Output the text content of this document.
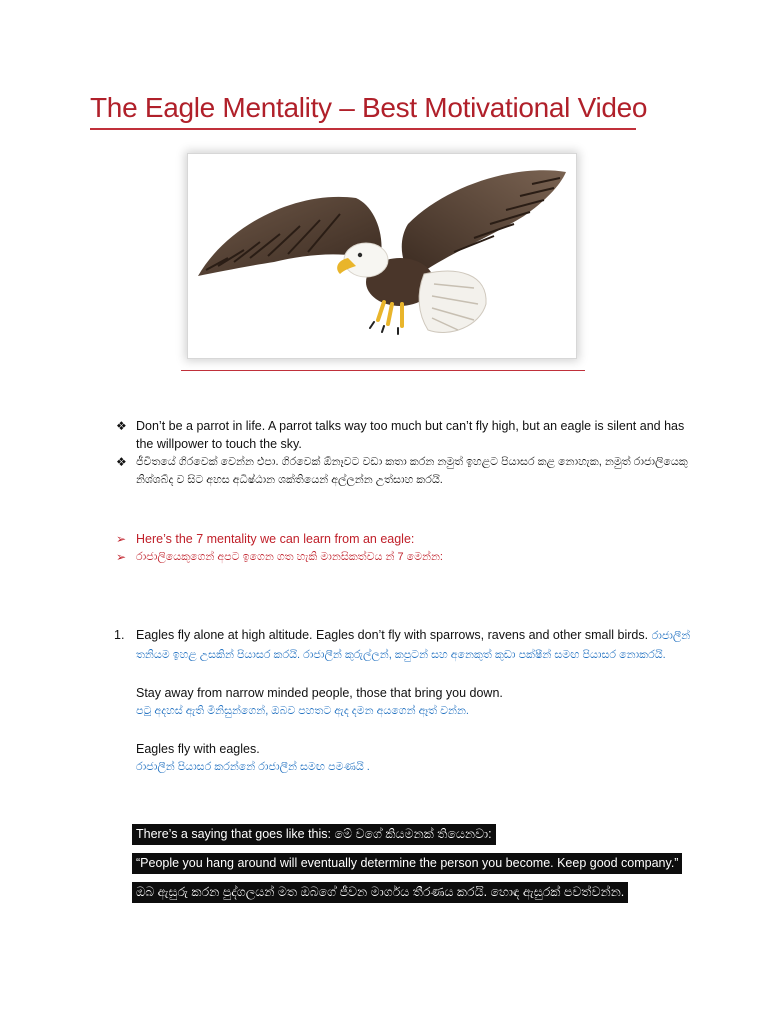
The Eagle Mentality – Best Motivational Video
❖ Don’t be a parrot in life. A parrot talks way too much but can’t fly high, but an eagle is silent and has the willpower to touch the sky.
❖ ජීවිතයේ ගිරවෙක් වෙන්න එපා. ගිරවෙක් ඕනෑවට වඩා කතා කරන නමුත් ඉහළට පියාසර කළ නොහැක, නමුත් රාජාලියෙකු නිශ්ශබ්ද ව සිට අහස අධිෂ්ඨාන ශක්තියෙන් අල්ලන්න උත්සාහ කරයි.
➢ Here’s the 7 mentality we can learn from an eagle:
➢ රාජාලියෙකුගෙන් අපට ඉගෙන ගත හැකි මානසිකත්වය න් 7 මෙන්න:
1. Eagles fly alone at high altitude. Eagles don’t fly with sparrows, ravens and other small birds. රාජාලීන් තනියම ඉහළ උසකින් පියාසර කරයි. රාජාලීන් කුරුල්ලන්, කපුටන් සහ අනෙකුත් කුඩා පක්ෂීන් සමඟ පියාසර නොකරයි.
Stay away from narrow minded people, those that bring you down.
පටු අදහස් ඇති මිනිසුන්ගෙන්, ඔබව පහතට ඇද දමන අයගෙන් ඈත් වන්න.
Eagles fly with eagles.
රාජාලීන් පියාසර කරන්නේ රාජාලීන් සමඟ පමණයි .
There’s a saying that goes like this: මේ වගේ කියමනක් තියෙනවා:
“People you hang around will eventually determine the person you become. Keep good company.”
ඔබ ඇසුරු කරන පුද්ගලයන් මත ඔබගේ ජීවන මාර්ගය තීරණය කරයි. හොඳ ඇසුරක් පවත්වන්න.
